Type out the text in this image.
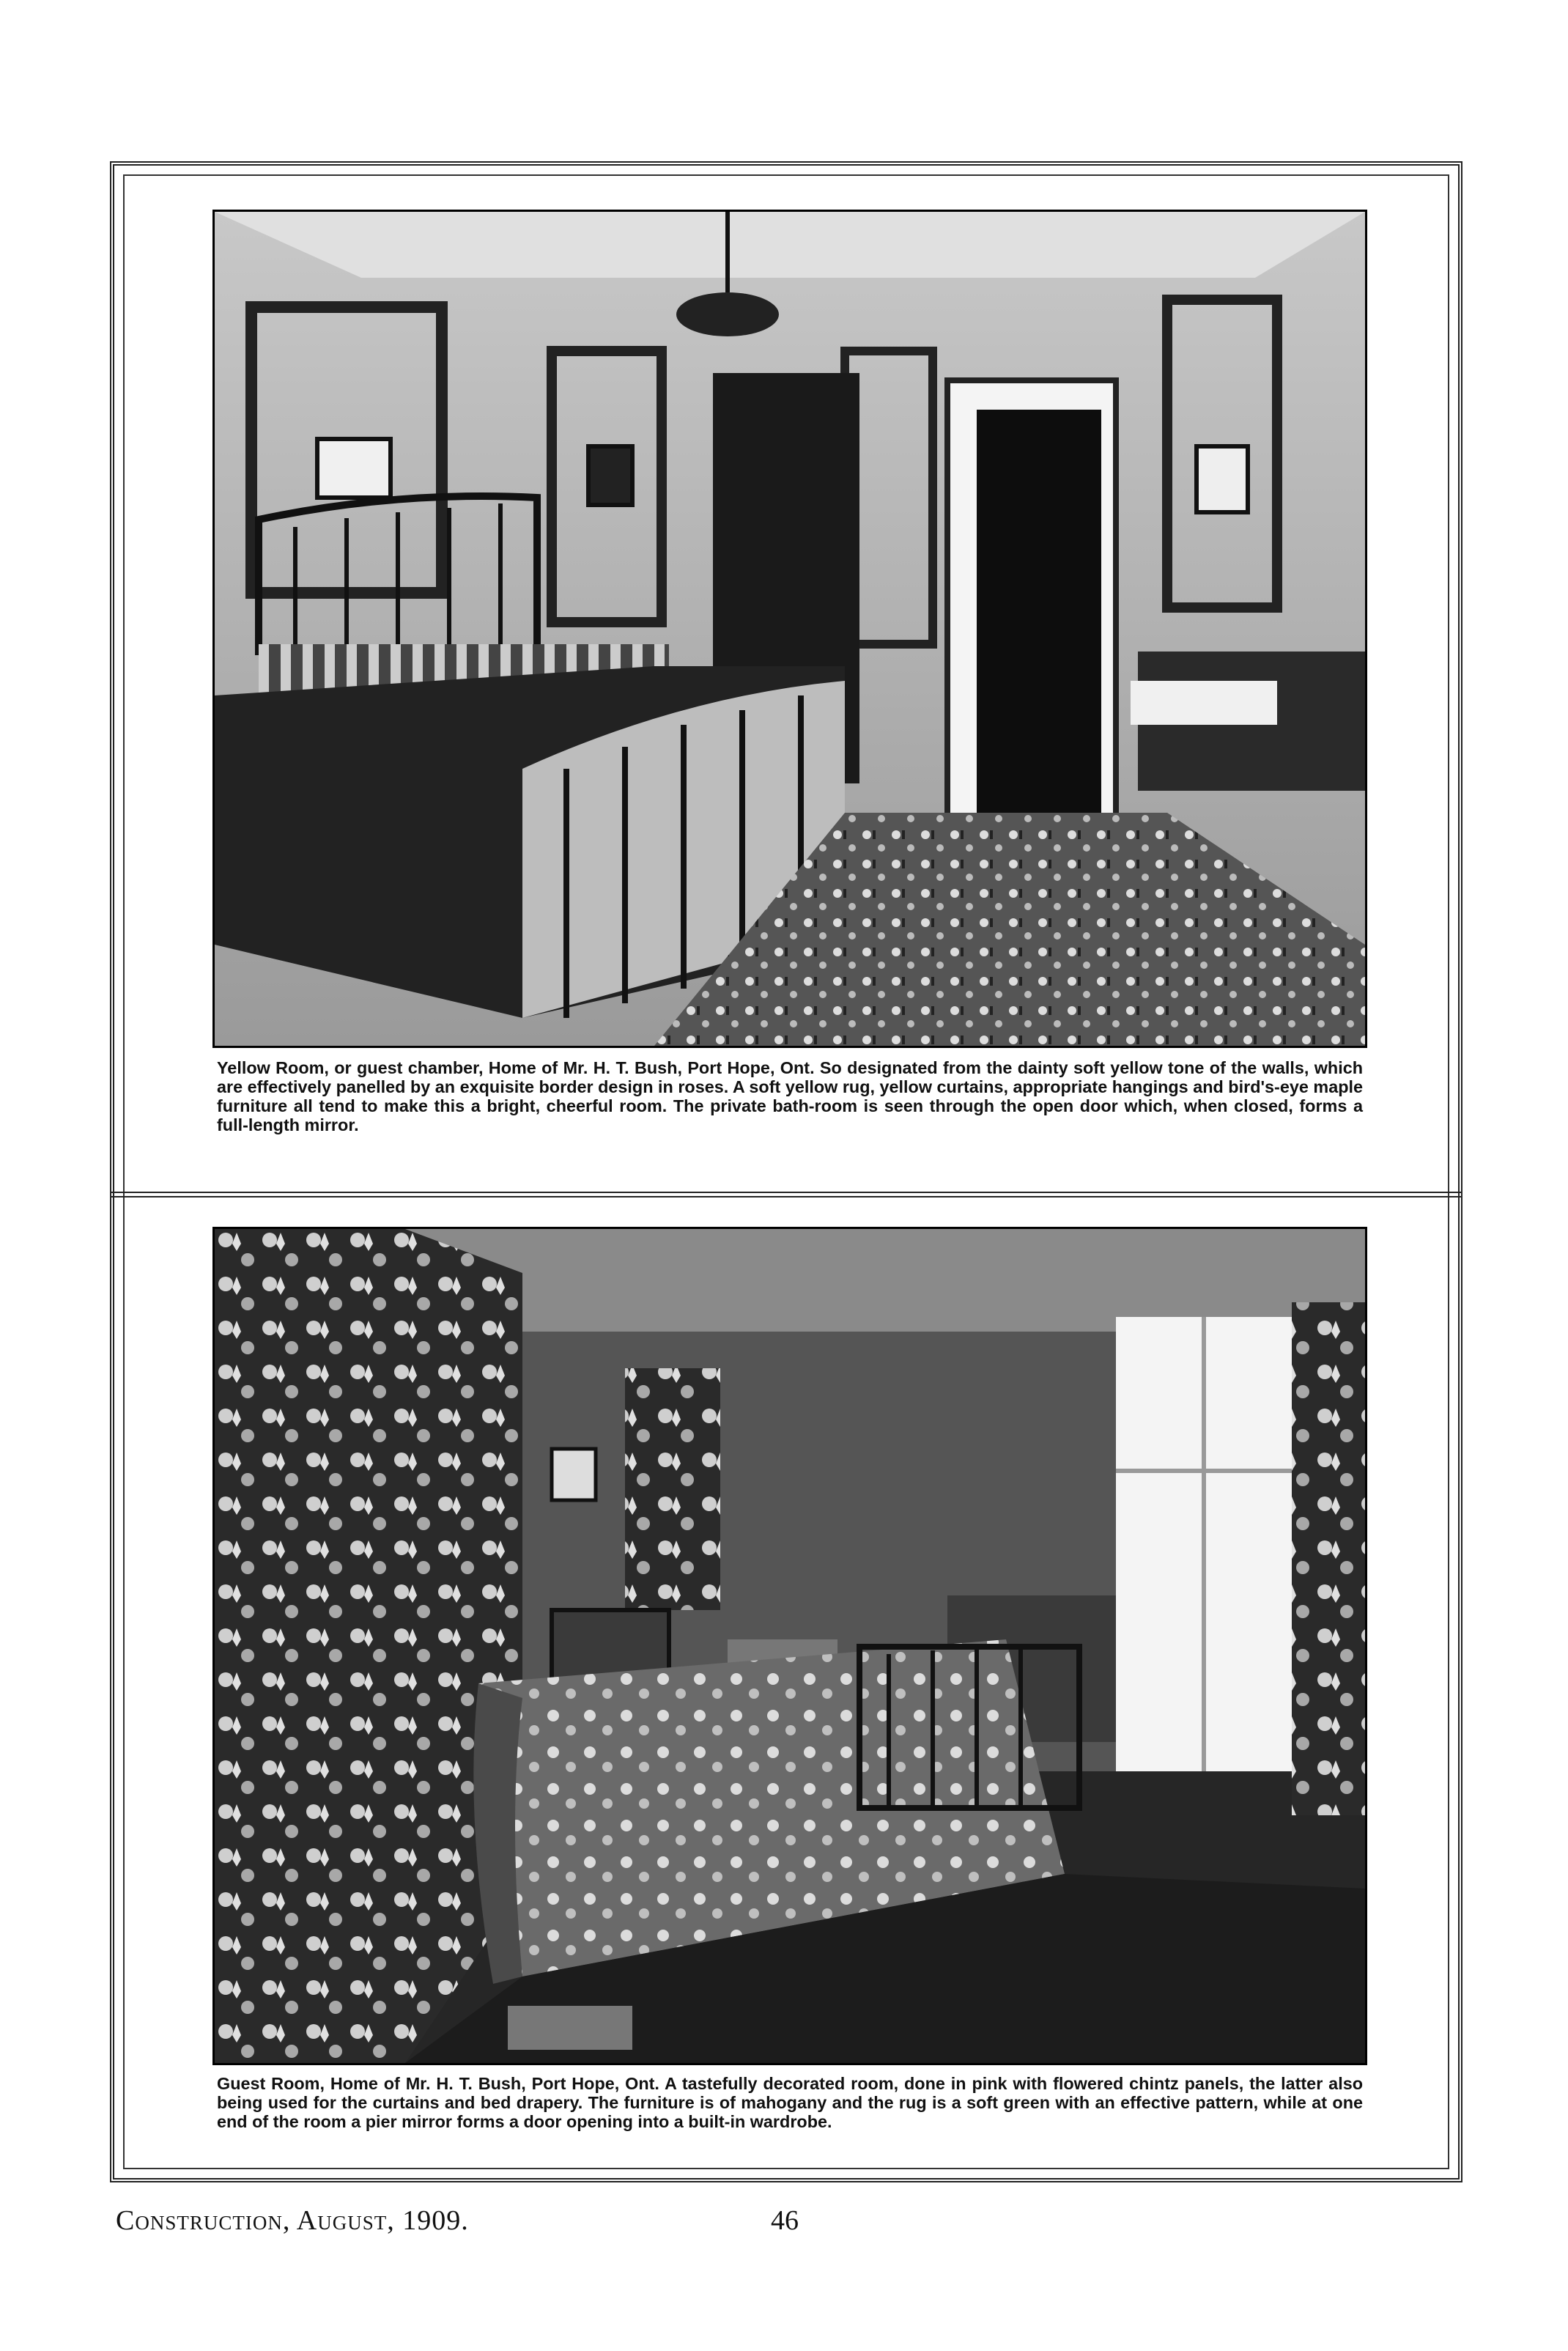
Yellow Room, or guest chamber, Home of Mr. H. T. Bush, Port Hope, Ont. So designated from the dainty soft yellow tone of the walls, which are effectively panelled by an exquisite border design in roses. A soft yellow rug, yellow curtains, appropriate hangings and bird's-eye maple furniture all tend to make this a bright, cheerful room. The private bath-room is seen through the open door which, when closed, forms a full-length mirror.
Guest Room, Home of Mr. H. T. Bush, Port Hope, Ont. A tastefully decorated room, done in pink with flowered chintz panels, the latter also being used for the curtains and bed drapery. The furniture is of mahogany and the rug is a soft green with an effective pattern, while at one end of the room a pier mirror forms a door opening into a built-in wardrobe.
Construction, August, 1909.	46
